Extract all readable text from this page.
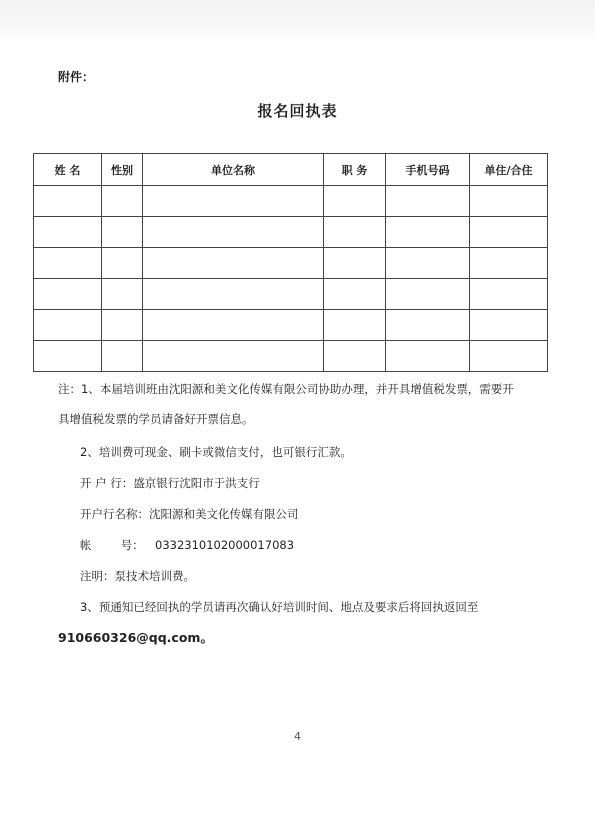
附件：
报名回执表
姓 名	性别	单位名称	职 务	手机号码	单住/合住

注：1、本届培训班由沈阳源和美文化传媒有限公司协助办理，并开具增值税发票，需要开
具增值税发票的学员请备好开票信息。
2、培训费可现金、刷卡或微信支付，也可银行汇款。
开 户 行：盛京银行沈阳市于洪支行
开户行名称：沈阳源和美文化传媒有限公司
帐        号： 0332310102000017083
注明：泵技术培训费。
3、预通知已经回执的学员请再次确认好培训时间、地点及要求后将回执返回至
910660326@qq.com。
4
